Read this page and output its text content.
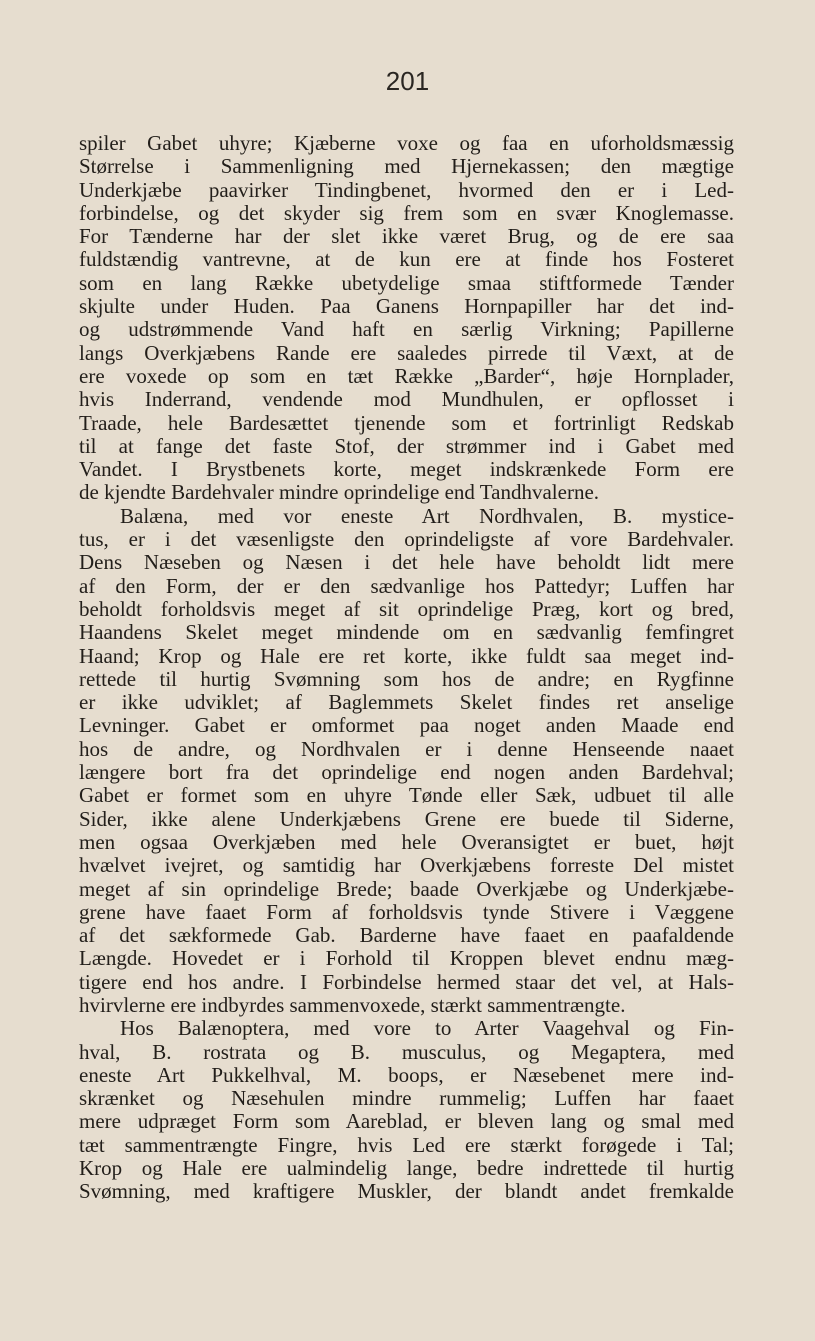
201
spiler Gabet uhyre; Kjæberne voxe og faa en uforholdsmæssig
Størrelse i Sammenligning med Hjernekassen; den mægtige
Underkjæbe paavirker Tindingbenet, hvormed den er i Led-
forbindelse, og det skyder sig frem som en svær Knoglemasse.
For Tænderne har der slet ikke været Brug, og de ere saa
fuldstændig vantrevne, at de kun ere at finde hos Fosteret
som en lang Række ubetydelige smaa stiftformede Tænder
skjulte under Huden. Paa Ganens Hornpapiller har det ind-
og udstrømmende Vand haft en særlig Virkning; Papillerne
langs Overkjæbens Rande ere saaledes pirrede til Væxt, at de
ere voxede op som en tæt Række „Barder“, høje Hornplader,
hvis Inderrand, vendende mod Mundhulen, er opflosset i
Traade, hele Bardesættet tjenende som et fortrinligt Redskab
til at fange det faste Stof, der strømmer ind i Gabet med
Vandet. I Brystbenets korte, meget indskrænkede Form ere
de kjendte Bardehvaler mindre oprindelige end Tandhvalerne.
Balæna, med vor eneste Art Nordhvalen, B. mystice-
tus, er i det væsenligste den oprindeligste af vore Bardehvaler.
Dens Næseben og Næsen i det hele have beholdt lidt mere
af den Form, der er den sædvanlige hos Pattedyr; Luffen har
beholdt forholdsvis meget af sit oprindelige Præg, kort og bred,
Haandens Skelet meget mindende om en sædvanlig femfingret
Haand; Krop og Hale ere ret korte, ikke fuldt saa meget ind-
rettede til hurtig Svømning som hos de andre; en Rygfinne
er ikke udviklet; af Baglemmets Skelet findes ret anselige
Levninger. Gabet er omformet paa noget anden Maade end
hos de andre, og Nordhvalen er i denne Henseende naaet
længere bort fra det oprindelige end nogen anden Bardehval;
Gabet er formet som en uhyre Tønde eller Sæk, udbuet til alle
Sider, ikke alene Underkjæbens Grene ere buede til Siderne,
men ogsaa Overkjæben med hele Overansigtet er buet, højt
hvælvet ivejret, og samtidig har Overkjæbens forreste Del mistet
meget af sin oprindelige Brede; baade Overkjæbe og Underkjæbe-
grene have faaet Form af forholdsvis tynde Stivere i Væggene
af det sækformede Gab. Barderne have faaet en paafaldende
Længde. Hovedet er i Forhold til Kroppen blevet endnu mæg-
tigere end hos andre. I Forbindelse hermed staar det vel, at Hals-
hvirvlerne ere indbyrdes sammenvoxede, stærkt sammentrængte.
Hos Balænoptera, med vore to Arter Vaagehval og Fin-
hval, B. rostrata og B. musculus, og Megaptera, med
eneste Art Pukkelhval, M. boops, er Næsebenet mere ind-
skrænket og Næsehulen mindre rummelig; Luffen har faaet
mere udpræget Form som Aareblad, er bleven lang og smal med
tæt sammentrængte Fingre, hvis Led ere stærkt forøgede i Tal;
Krop og Hale ere ualmindelig lange, bedre indrettede til hurtig
Svømning, med kraftigere Muskler, der blandt andet fremkalde
